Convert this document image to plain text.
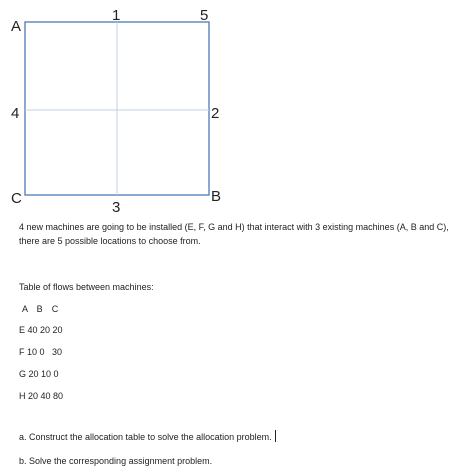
A
1	5
4	2
C
3
B

4 new machines are going to be installed (E, F, G and H) that interact with 3 existing machines (A, B and C), there are 5 possible locations to choose from.

Table of flows between machines:

A   B   C

E 40 20 20

F 10 0   30

G 20 10 0

H 20 40 80

a. Construct the allocation table to solve the allocation problem.

b. Solve the corresponding assignment problem.
